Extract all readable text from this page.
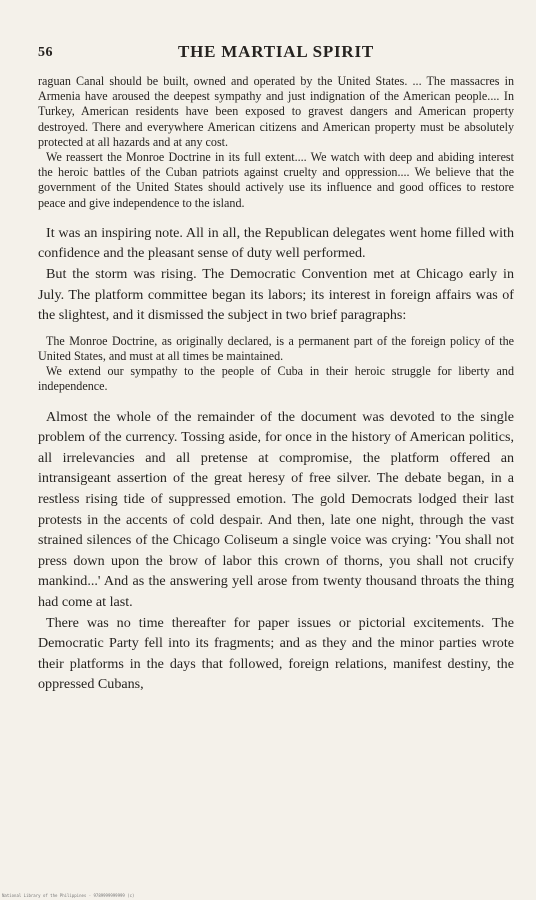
56	THE MARTIAL SPIRIT

raguan Canal should be built, owned and operated by the United States. ... The massacres in Armenia have aroused the deepest sympathy and just indignation of the American people.... In Turkey, American residents have been exposed to gravest dangers and American property destroyed. There and everywhere American citizens and American property must be absolutely protected at all hazards and at any cost.

We reassert the Monroe Doctrine in its full extent.... We watch with deep and abiding interest the heroic battles of the Cuban patriots against cruelty and oppression.... We believe that the government of the United States should actively use its influence and good offices to restore peace and give independence to the island.

It was an inspiring note. All in all, the Republican delegates went home filled with confidence and the pleasant sense of duty well performed.

But the storm was rising. The Democratic Convention met at Chicago early in July. The platform committee began its labors; its interest in foreign affairs was of the slightest, and it dismissed the subject in two brief paragraphs:

The Monroe Doctrine, as originally declared, is a permanent part of the foreign policy of the United States, and must at all times be maintained.

We extend our sympathy to the people of Cuba in their heroic struggle for liberty and independence.

Almost the whole of the remainder of the document was devoted to the single problem of the currency. Tossing aside, for once in the history of American politics, all irrelevancies and all pretense at compromise, the platform offered an intransigeant assertion of the great heresy of free silver. The debate began, in a restless rising tide of suppressed emotion. The gold Democrats lodged their last protests in the accents of cold despair. And then, late one night, through the vast strained silences of the Chicago Coliseum a single voice was crying: 'You shall not press down upon the brow of labor this crown of thorns, you shall not crucify mankind...' And as the answering yell arose from twenty thousand throats the thing had come at last.

There was no time thereafter for paper issues or pictorial excitements. The Democratic Party fell into its fragments; and as they and the minor parties wrote their platforms in the days that followed, foreign relations, manifest destiny, the oppressed Cubans,

National Library of the Philippines · 9789999999999 (c)
